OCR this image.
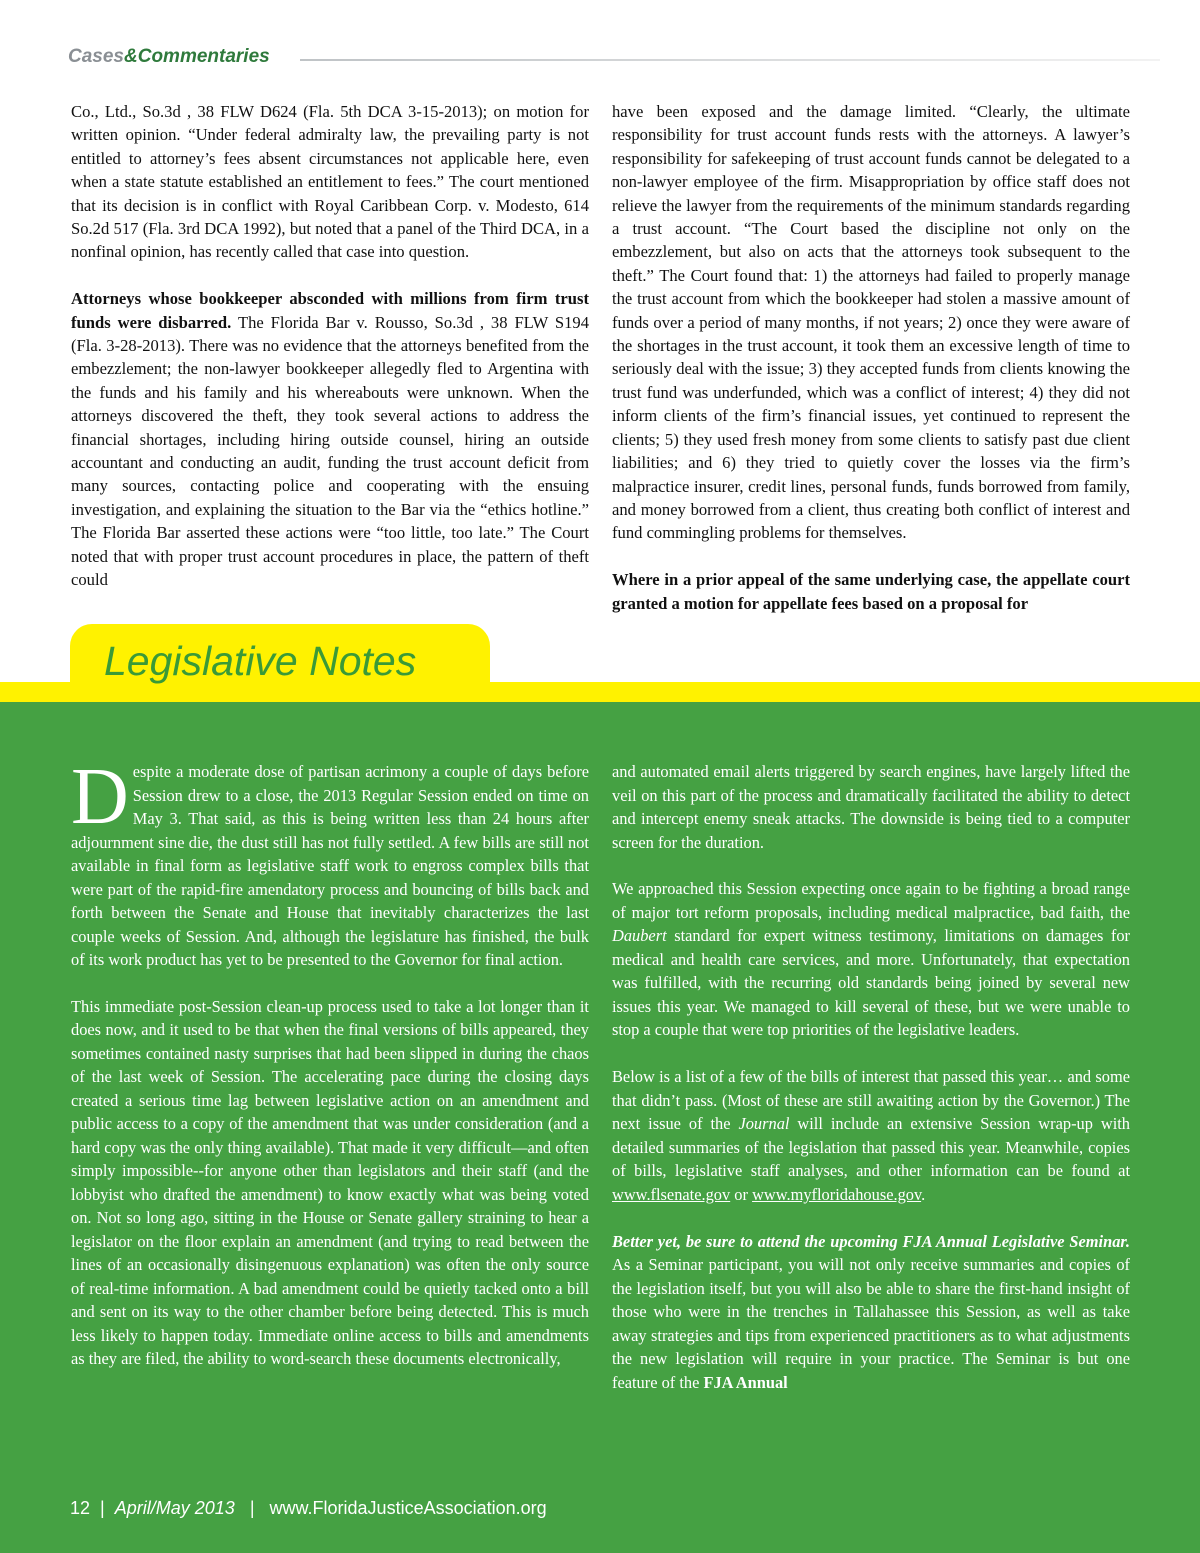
Cases&Commentaries

Co., Ltd., So.3d , 38 FLW D624 (Fla. 5th DCA 3-15-2013); on motion for written opinion. “Under federal admiralty law, the prevailing party is not entitled to attorney’s fees absent circumstances not applicable here, even when a state statute established an entitlement to fees.” The court mentioned that its decision is in conflict with Royal Caribbean Corp. v. Modesto, 614 So.2d 517 (Fla. 3rd DCA 1992), but noted that a panel of the Third DCA, in a nonfinal opinion, has recently called that case into question.

Attorneys whose bookkeeper absconded with millions from firm trust funds were disbarred. The Florida Bar v. Rousso, So.3d , 38 FLW S194 (Fla. 3-28-2013). There was no evidence that the attorneys benefited from the embezzlement; the non-lawyer bookkeeper allegedly fled to Argentina with the funds and his family and his whereabouts were unknown. When the attorneys discovered the theft, they took several actions to address the financial shortages, including hiring outside counsel, hiring an outside accountant and conducting an audit, funding the trust account deficit from many sources, contacting police and cooperating with the ensuing investigation, and explaining the situation to the Bar via the “ethics hotline.” The Florida Bar asserted these actions were “too little, too late.” The Court noted that with proper trust account procedures in place, the pattern of theft could

have been exposed and the damage limited. “Clearly, the ultimate responsibility for trust account funds rests with the attorneys. A lawyer’s responsibility for safekeeping of trust account funds cannot be delegated to a non-lawyer employee of the firm. Misappropriation by office staff does not relieve the lawyer from the requirements of the minimum standards regarding a trust account. “The Court based the discipline not only on the embezzlement, but also on acts that the attorneys took subsequent to the theft.” The Court found that: 1) the attorneys had failed to properly manage the trust account from which the bookkeeper had stolen a massive amount of funds over a period of many months, if not years; 2) once they were aware of the shortages in the trust account, it took them an excessive length of time to seriously deal with the issue; 3) they accepted funds from clients knowing the trust fund was underfunded, which was a conflict of interest; 4) they did not inform clients of the firm’s financial issues, yet continued to represent the clients; 5) they used fresh money from some clients to satisfy past due client liabilities; and 6) they tried to quietly cover the losses via the firm’s malpractice insurer, credit lines, personal funds, funds borrowed from family, and money borrowed from a client, thus creating both conflict of interest and fund commingling problems for themselves.

Where in a prior appeal of the same underlying case, the appellate court granted a motion for appellate fees based on a proposal for

Legislative Notes

Despite a moderate dose of partisan acrimony a couple of days before Session drew to a close, the 2013 Regular Session ended on time on May 3. That said, as this is being written less than 24 hours after adjournment sine die, the dust still has not fully settled. A few bills are still not available in final form as legislative staff work to engross complex bills that were part of the rapid-fire amendatory process and bouncing of bills back and forth between the Senate and House that inevitably characterizes the last couple weeks of Session. And, although the legislature has finished, the bulk of its work product has yet to be presented to the Governor for final action.

This immediate post-Session clean-up process used to take a lot longer than it does now, and it used to be that when the final versions of bills appeared, they sometimes contained nasty surprises that had been slipped in during the chaos of the last week of Session. The accelerating pace during the closing days created a serious time lag between legislative action on an amendment and public access to a copy of the amendment that was under consideration (and a hard copy was the only thing available). That made it very difficult—and often simply impossible--for anyone other than legislators and their staff (and the lobbyist who drafted the amendment) to know exactly what was being voted on. Not so long ago, sitting in the House or Senate gallery straining to hear a legislator on the floor explain an amendment (and trying to read between the lines of an occasionally disingenuous explanation) was often the only source of real-time information. A bad amendment could be quietly tacked onto a bill and sent on its way to the other chamber before being detected. This is much less likely to happen today. Immediate online access to bills and amendments as they are filed, the ability to word-search these documents electronically,

and automated email alerts triggered by search engines, have largely lifted the veil on this part of the process and dramatically facilitated the ability to detect and intercept enemy sneak attacks. The downside is being tied to a computer screen for the duration.

We approached this Session expecting once again to be fighting a broad range of major tort reform proposals, including medical malpractice, bad faith, the Daubert standard for expert witness testimony, limitations on damages for medical and health care services, and more. Unfortunately, that expectation was fulfilled, with the recurring old standards being joined by several new issues this year. We managed to kill several of these, but we were unable to stop a couple that were top priorities of the legislative leaders.

Below is a list of a few of the bills of interest that passed this year… and some that didn’t pass. (Most of these are still awaiting action by the Governor.) The next issue of the Journal will include an extensive Session wrap-up with detailed summaries of the legislation that passed this year. Meanwhile, copies of bills, legislative staff analyses, and other information can be found at www.flsenate.gov or www.myfloridahouse.gov.

Better yet, be sure to attend the upcoming FJA Annual Legislative Seminar. As a Seminar participant, you will not only receive summaries and copies of the legislation itself, but you will also be able to share the first-hand insight of those who were in the trenches in Tallahassee this Session, as well as take away strategies and tips from experienced practitioners as to what adjustments the new legislation will require in your practice. The Seminar is but one feature of the FJA Annual

12  |  April/May 2013   |   www.FloridaJusticeAssociation.org
